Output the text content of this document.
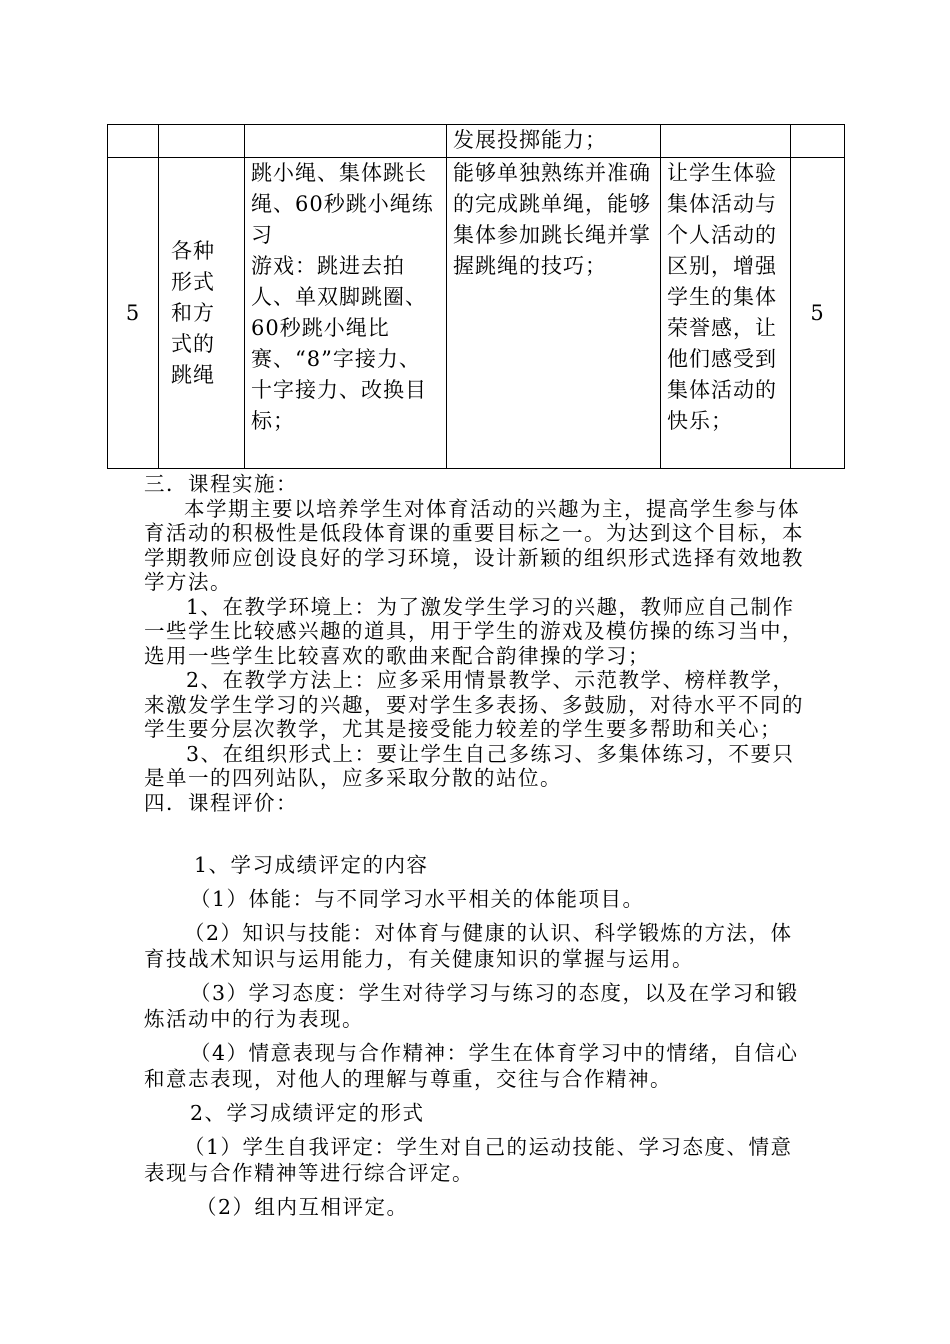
			发展投掷能力；		
5	各种
形式
和方
式的
跳绳	跳小绳、集体跳长绳、60秒跳小绳练习
游戏：跳进去拍人、单双脚跳圈、60秒跳小绳比赛、“8”字接力、十字接力、改换目标；	能够单独熟练并准确的完成跳单绳，能够集体参加跳长绳并掌握跳绳的技巧；	让学生体验集体活动与个人活动的区别，增强学生的集体荣誉感，让他们感受到集体活动的快乐；	5

三．课程实施：

本学期主要以培养学生对体育活动的兴趣为主，提高学生参与体育活动的积极性是低段体育课的重要目标之一。为达到这个目标，本学期教师应创设良好的学习环境，设计新颖的组织形式选择有效地教学方法。

1、在教学环境上：为了激发学生学习的兴趣，教师应自己制作一些学生比较感兴趣的道具，用于学生的游戏及模仿操的练习当中，选用一些学生比较喜欢的歌曲来配合韵律操的学习；

2、在教学方法上：应多采用情景教学、示范教学、榜样教学，来激发学生学习的兴趣，要对学生多表扬、多鼓励，对待水平不同的学生要分层次教学，尤其是接受能力较差的学生要多帮助和关心；

3、在组织形式上：要让学生自己多练习、多集体练习，不要只是单一的四列站队，应多采取分散的站位。

四．课程评价：

1、学习成绩评定的内容

（1）体能：与不同学习水平相关的体能项目。

（2）知识与技能：对体育与健康的认识、科学锻炼的方法，体育技战术知识与运用能力，有关健康知识的掌握与运用。

（3）学习态度：学生对待学习与练习的态度，以及在学习和锻炼活动中的行为表现。

（4）情意表现与合作精神：学生在体育学习中的情绪，自信心和意志表现，对他人的理解与尊重，交往与合作精神。

2、学习成绩评定的形式

（1）学生自我评定：学生对自己的运动技能、学习态度、情意表现与合作精神等进行综合评定。

（2）组内互相评定。
